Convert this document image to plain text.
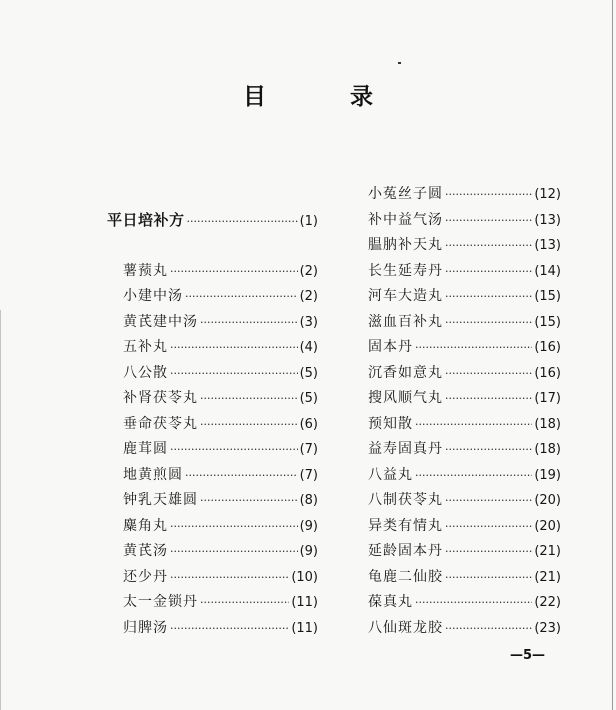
目 录
平日培补方 ·····	(1)
薯蓣丸 ·····	(2)
小建中汤 ·····	(2)
黄芪建中汤 ·····	(3)
五补丸 ·····	(4)
八公散 ·····	(5)
补肾茯苓丸 ·····	(5)
垂命茯苓丸 ·····	(6)
鹿茸圆 ·····	(7)
地黄煎圆 ·····	(7)
钟乳天雄圆 ·····	(8)
麋角丸 ·····	(9)
黄芪汤 ·····	(9)
还少丹 ·····	(10)
太一金锁丹 ·····	(11)
归脾汤 ·····	(11)
小菟丝子圆 ·····	(12)
补中益气汤 ·····	(13)
腽肭补天丸 ·····	(13)
长生延寿丹 ·····	(14)
河车大造丸 ·····	(15)
滋血百补丸 ·····	(15)
固本丹 ·····	(16)
沉香如意丸 ·····	(16)
搜风顺气丸 ·····	(17)
预知散 ·····	(18)
益寿固真丹 ·····	(18)
八益丸 ·····	(19)
八制茯苓丸 ·····	(20)
异类有情丸 ·····	(20)
延龄固本丹 ·····	(21)
龟鹿二仙胶 ·····	(21)
葆真丸 ·····	(22)
八仙斑龙胶 ·····	(23)
—5—
